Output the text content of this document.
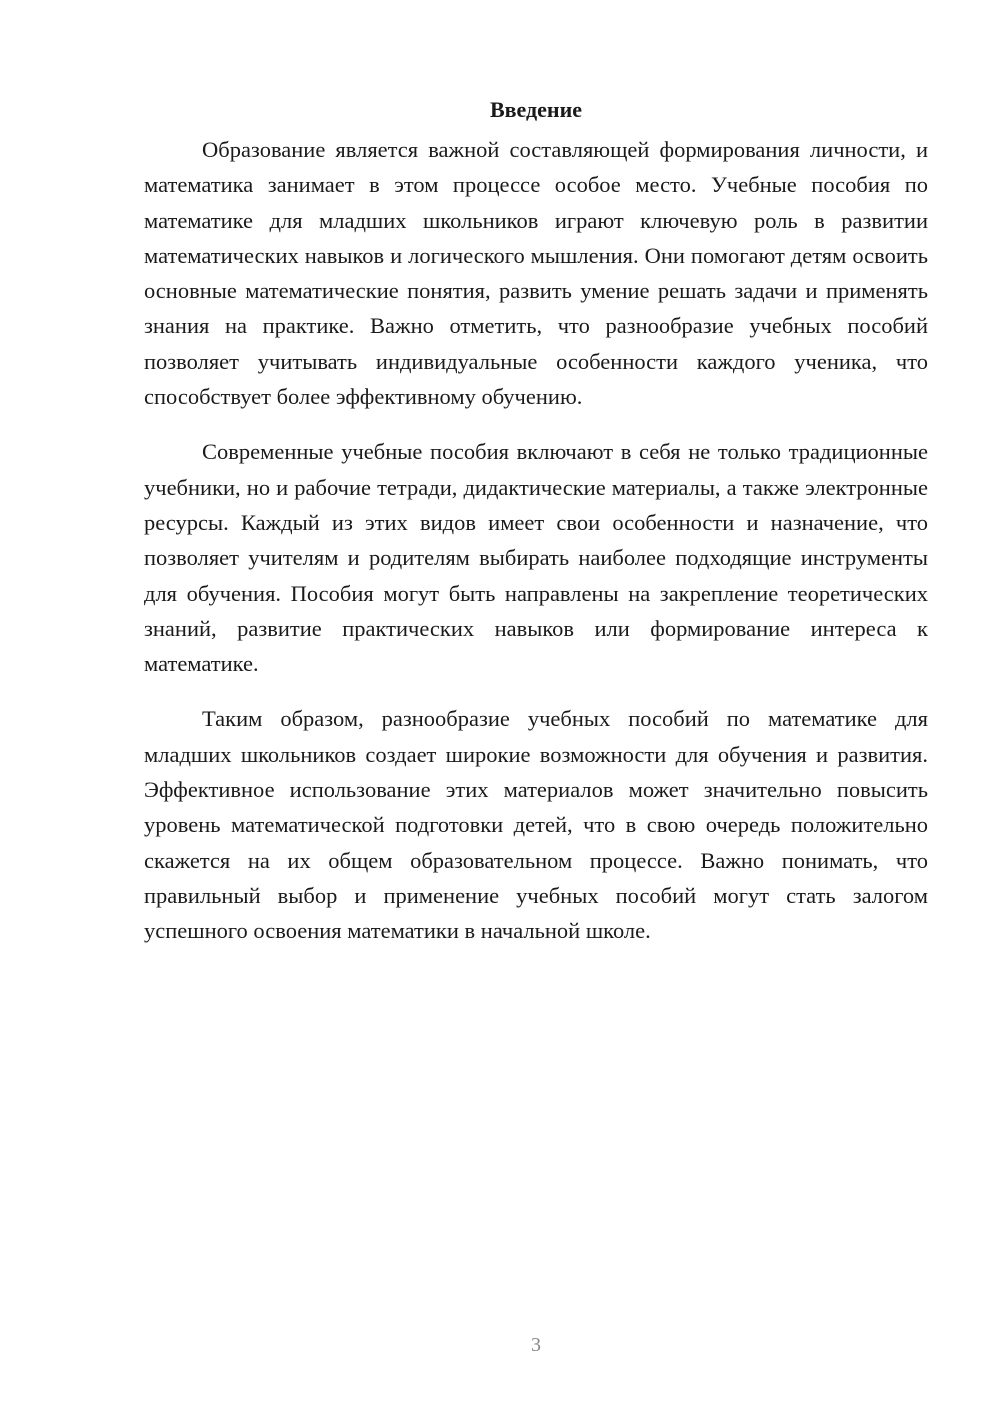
Введение

Образование является важной составляющей формирования личности, и математика занимает в этом процессе особое место. Учебные пособия по математике для младших школьников играют ключевую роль в развитии математических навыков и логического мышления. Они помогают детям освоить основные математические понятия, развить умение решать задачи и применять знания на практике. Важно отметить, что разнообразие учебных пособий позволяет учитывать индивидуальные особенности каждого ученика, что способствует более эффективному обучению.

Современные учебные пособия включают в себя не только традиционные учебники, но и рабочие тетради, дидактические материалы, а также электронные ресурсы. Каждый из этих видов имеет свои особенности и назначение, что позволяет учителям и родителям выбирать наиболее подходящие инструменты для обучения. Пособия могут быть направлены на закрепление теоретических знаний, развитие практических навыков или формирование интереса к математике.

Таким образом, разнообразие учебных пособий по математике для младших школьников создает широкие возможности для обучения и развития. Эффективное использование этих материалов может значительно повысить уровень математической подготовки детей, что в свою очередь положительно скажется на их общем образовательном процессе. Важно понимать, что правильный выбор и применение учебных пособий могут стать залогом успешного освоения математики в начальной школе.

3
